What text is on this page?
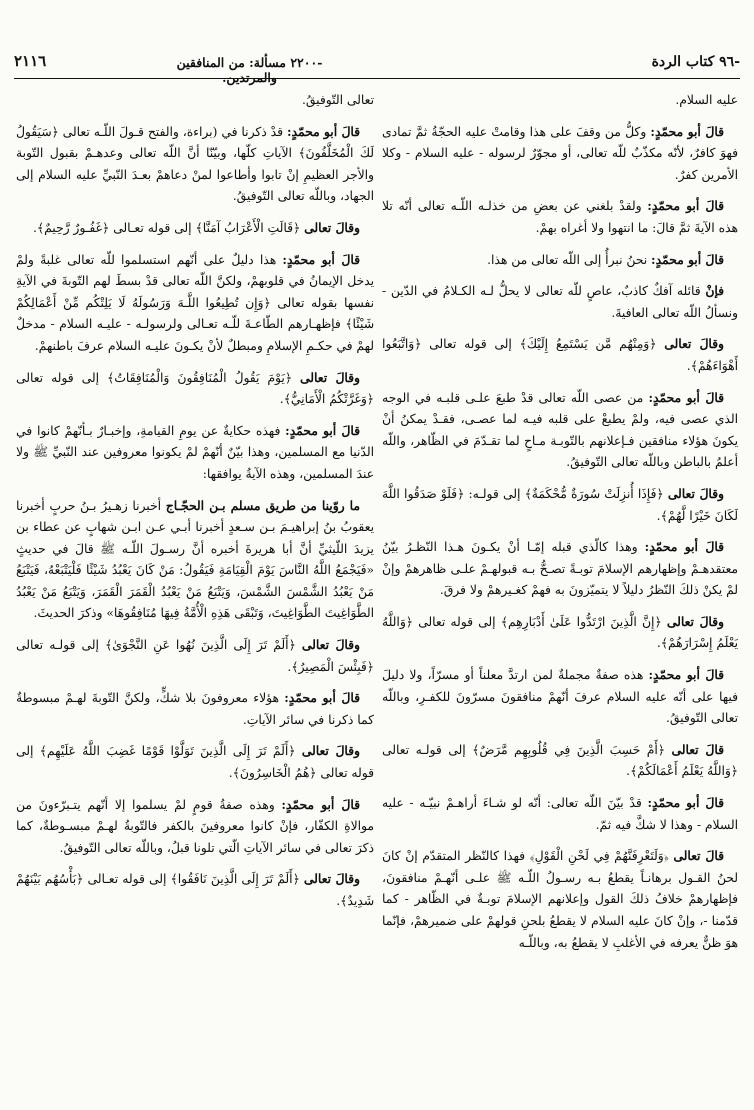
-٩٦ كتاب الردة
-٢٢٠٠ مسألة: من المنافقين والمرتدين.
٢١١٦

عليه السلام.

قالَ أبو محمّدٍ: وكلُّ من وقفَ على هذا وقامتْ عليه الحجّةُ ثمَّ تمادى فهوَ كافرٌ، لأنّه مكذّبٌ للّه تعالى، أو مجوّرٌ لرسوله - عليه السلام - وكلا الأمرين كفرٌ.

قالَ أبو محمّدٍ: ولقدْ بلغني عن بعضِ من خذلـه اللّـه تعالى أنّه تلا هذه الآيةَ ثمَّ قالَ: ما انتهوا ولا أغراه بهمْ.

قالَ أبو محمّدٍ: نحنُ نبرأُ إلى اللّه تعالى من هذا.

فإنْ قائله آفكٌ كاذبٌ، عاصٍ للّه تعالى لا يحلُّ لـه الكـلامُ في الدّين - ونسألُ اللّه تعالى العافيةَ.

وقالَ تعالى ﴿وَمِنْهُم مَّن يَسْتَمِعُ إِلَيْكَ﴾ إلى قوله تعالى ﴿وَاتَّبَعُوا أَهْوَاءَهُمْ﴾.

قالَ أبو محمّدٍ: من عصى اللّه تعالى قدْ طبعَ علـى قلبـه في الوجه الذي عصى فيه، ولمْ يطبعْ على قلبه فيـه لما عصـى، فقـدْ يمكنُ أنْ يكونَ هؤلاء منافقين فـإعلانهم بالتّوبـة مـاحٍ لما تقـدّمَ في الظّاهر، واللّه أعلمُ بالباطن وباللّه تعالى التّوفيقُ.

وقالَ تعالى ﴿فَإِذَا أُنزِلَتْ سُورَةٌ مُّحْكَمَةٌ﴾ إلى قولـه: ﴿فَلَوْ صَدَقُوا اللَّهَ لَكَانَ خَيْرًا لَّهُمْ﴾.

قالَ أبو محمّدٍ: وهذا كالّذي قبله إمّـا أنْ يكـونَ هـذا النّظـرُ بيّنُ معتقدهـمْ وإظهارهم الإسلامَ توبـةً تصـحُّ بـه قبولهـمْ علـى ظاهرهمْ وإنْ لمْ يكنْ ذلكَ النّظرُ دليلاً لا يتميّزونَ به فهمْ كغـيرهمْ ولا فرقَ.

وقالَ تعالى ﴿إِنَّ الَّذِينَ ارْتَدُّوا عَلَىٰ أَدْبَارِهِم﴾ إلى قوله تعالى ﴿وَاللَّهُ يَعْلَمُ إِسْرَارَهُمْ﴾.

قالَ أبو محمّدٍ: هذه صفةٌ مجملةٌ لمن ارتدَّ معلناً أو مسرّاً، ولا دليلَ فيها على أنّه عليه السلام عرفَ أنّهمْ منافقونَ مسرّونَ للكفـرِ، وباللّه تعالى التّوفيقُ.

قالَ تعالى ﴿أَمْ حَسِبَ الَّذِينَ فِي قُلُوبِهِم مَّرَضٌ﴾ إلى قولـه تعالى ﴿وَاللَّهُ يَعْلَمُ أَعْمَالَكُمْ﴾.

قالَ أبو محمّدٍ: قدْ بيّنَ اللّه تعالى: أنّه لو شـاءَ أراهـمْ نبيّـه - عليه السلام - وهذا لا شكَّ فيه ثمّ.

قالَ تعالى ﴿وَلَتَعْرِفَنَّهُمْ فِي لَحْنِ الْقَوْلِ﴾ فهذا كالنّظر المتقدّم إنْ كانَ لحنُ القـول برهانـاً يقطعُ بـه رسـولُ اللّـه ﷺ علـى أنّهـمْ منافقونَ، فإظهارهمْ خلافُ ذلكَ القول وإعلانهم الإسلامَ توبـةٌ في الظّاهر - كما قدّمنا -، وإنْ كانَ عليه السلام لا يقطعُ بلحنِ قولهمْ على ضميرهمْ، فإنّما هوَ ظنٌّ يعرفه في الأغلبِ لا يقطعُ به، وباللّـه

تعالى التّوفيقُ.

قالَ أبو محمّدٍ: قدْ ذكرنا في (براءة، والفتح قـولَ اللّـه تعالى ﴿سَيَقُولُ لَكَ الْمُخَلَّفُونَ﴾ الآياتِ كلّها، وبيّنّا أنَّ اللّه تعالى وعدهـمْ بقبول التّوبة والأجر العظيمِ إنْ تابوا وأطاعوا لمنْ دعاهمْ بعـدَ النّبيِّ عليه السلام إلى الجهاد، وباللّه تعالى التّوفيقُ.

وقالَ تعالى ﴿قَالَتِ الْأَعْرَابُ آمَنَّا﴾ إلى قوله تعـالى ﴿غَفُـورٌ رَّحِيمٌ﴾.

قالَ أبو محمّدٍ: هذا دليلٌ على أنّهم استسلموا للّه تعالى غلبةً ولمْ يدخل الإيمانُ في قلوبهمْ، ولكنَّ اللّه تعالى قدْ بسطَ لهم التّوبةَ في الآيةِ نفسها بقوله تعالى ﴿وَإِن تُطِيعُوا اللَّـهَ وَرَسُولَهُ لَا يَلِتْكُم مِّنْ أَعْمَالِكُمْ شَيْئًا﴾ فإظهـارهم الطّاعـةَ للّـه تعـالى ولرسولـه - عليـه السلام - مدخلٌ لهمْ في حكـمِ الإسلامِ ومبطلٌ لأنْ يكـونَ عليـه السلام عرفَ باطنهمْ.

وقالَ تعالى ﴿يَوْمَ يَقُولُ الْمُنَافِقُونَ وَالْمُنَافِقَاتُ﴾ إلى قوله تعالى ﴿وَغَرَّتْكُمُ الْأَمَانِيُّ﴾.

قالَ أبو محمّدٍ: فهذه حكايةٌ عن يومِ القيامةِ، وإخبـارٌ بـأنّهمْ كانوا في الدّنيا مع المسلمين، وهذا بيّنٌ أنّهمْ لمْ يكونوا معروفين عند النّبيِّ ﷺ ولا عندَ المسلمين، وهذه الآيةُ يوافقها:

ما روّينا من طريق مسلم بـن الحجّـاج أخبرنا زهـيرُ بـنُ حربٍ أخبرنا يعقوبُ بنُ إبراهيـمَ بـن سـعدٍ أخبرنا أبـي عـن ابـن شهابٍ عن عطاء بن يزيدَ اللّيثيِّ أنَّ أبا هريرةَ أخبره أنَّ رسـولَ اللّـه ﷺ قالَ في حديثٍ «فَيَجْمَعُ اللَّهُ النَّاسَ يَوْمَ الْقِيَامَةِ فَيَقُولُ: مَنْ كَانَ يَعْبُدُ شَيْئًا فَلْيَتْبَعْهُ، فَيَتْبَعُ مَنْ يَعْبُدُ الشَّمْسَ الشَّمْسَ، وَيَتْبَعُ مَنْ يَعْبُدُ الْقَمَرَ الْقَمَرَ، وَيَتْبَعُ مَنْ يَعْبُدُ الطَّوَاغِيتَ الطَّوَاغِيتَ، وَتَبْقَى هَذِهِ الْأُمَّةُ فِيهَا مُنَافِقُوهَا» وذكرَ الحديثَ.

وقالَ تعالى ﴿أَلَمْ تَرَ إِلَى الَّذِينَ نُهُوا عَنِ النَّجْوَىٰ﴾ إلى قولـه تعالى ﴿فَبِئْسَ الْمَصِيرُ﴾.

قالَ أبو محمّدٍ: هؤلاء معروفونَ بلا شكٍّ، ولكنَّ التّوبةَ لهـمْ مبسوطةٌ كما ذكرنا في سائر الآياتِ.

وقالَ تعالى ﴿أَلَمْ تَرَ إِلَى الَّذِينَ تَوَلَّوْا قَوْمًا غَضِبَ اللَّهُ عَلَيْهِم﴾ إلى قوله تعالى ﴿هُمُ الْخَاسِرُونَ﴾.

قالَ أبو محمّدٍ: وهذه صفةُ قومٍ لمْ يسلموا إلا أنّهم يتـبرّءونَ من موالاةِ الكفّار، فإنْ كانوا معروفينَ بالكفر فالتّوبةُ لهـمْ مبسـوطةٌ، كما ذكرَ تعالى في سائر الآياتِ الّتي تلونا قبلُ، وباللّه تعالى التّوفيقُ.

وقالَ تعالى ﴿أَلَمْ تَرَ إِلَى الَّذِينَ نَافَقُوا﴾ إلى قوله تعـالى ﴿بَأْسُهُم بَيْنَهُمْ شَدِيدٌ﴾.
